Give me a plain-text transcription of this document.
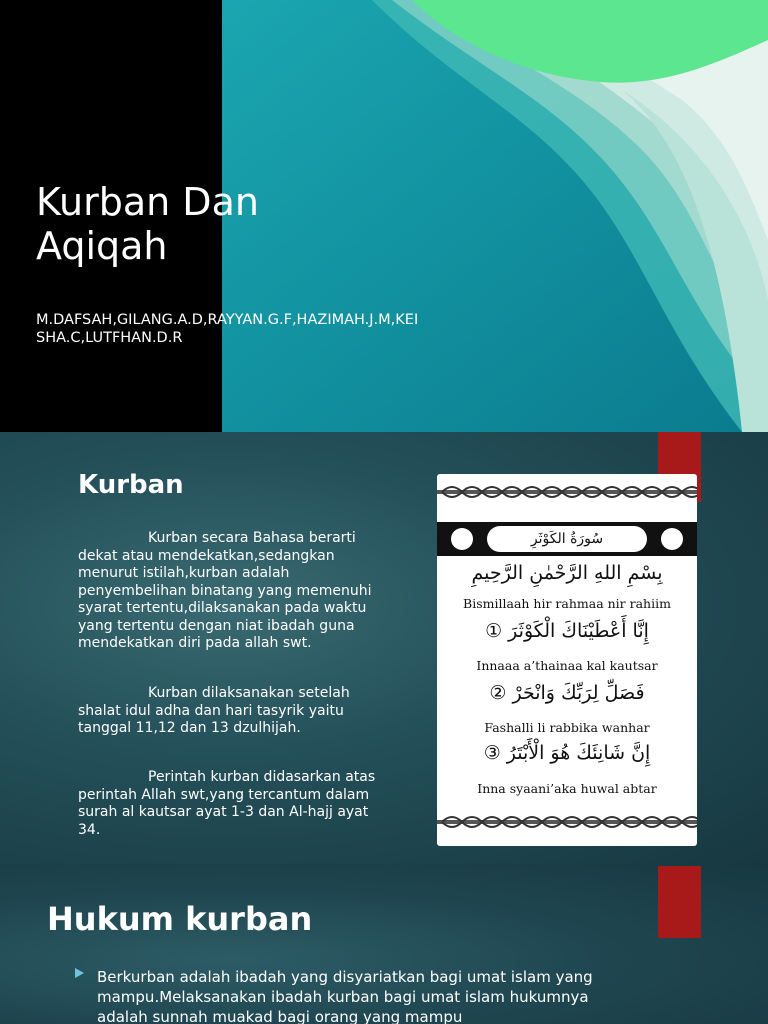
Kurban Dan
Aqiqah
M.DAFSAH,GILANG.A.D,RAYYAN.G.F,HAZIMAH.J.M,KEI
SHA.C,LUTFHAN.D.R
Kurban

Kurban secara Bahasa berarti dekat atau mendekatkan,sedangkan menurut istilah,kurban adalah penyembelihan binatang yang memenuhi syarat tertentu,dilaksanakan pada waktu yang tertentu dengan niat ibadah guna mendekatkan diri pada allah swt.

Kurban dilaksanakan setelah shalat idul adha dan hari tasyrik yaitu tanggal 11,12 dan 13 dzulhijah.

Perintah kurban didasarkan atas perintah Allah swt,yang tercantum dalam surah al kautsar ayat 1-3 dan Al-hajj ayat 34.

سُورَةُ الكَوْثَرِ
بِسْمِ اللهِ الرَّحْمٰنِ الرَّحِيمِ
Bismillaah hir rahmaa nir rahiim
إِنَّا أَعْطَيْنَاكَ الْكَوْثَرَ ①
Innaaa a’thainaa kal kautsar
فَصَلِّ لِرَبِّكَ وَانْحَرْ ②
Fashalli li rabbika wanhar
إِنَّ شَانِئَكَ هُوَ الْأَبْتَرُ ③
Inna syaani’aka huwal abtar
Hukum kurban

Berkurban adalah ibadah yang disyariatkan bagi umat islam yang mampu.Melaksanakan ibadah kurban bagi umat islam hukumnya adalah sunnah muakad bagi orang yang mampu
